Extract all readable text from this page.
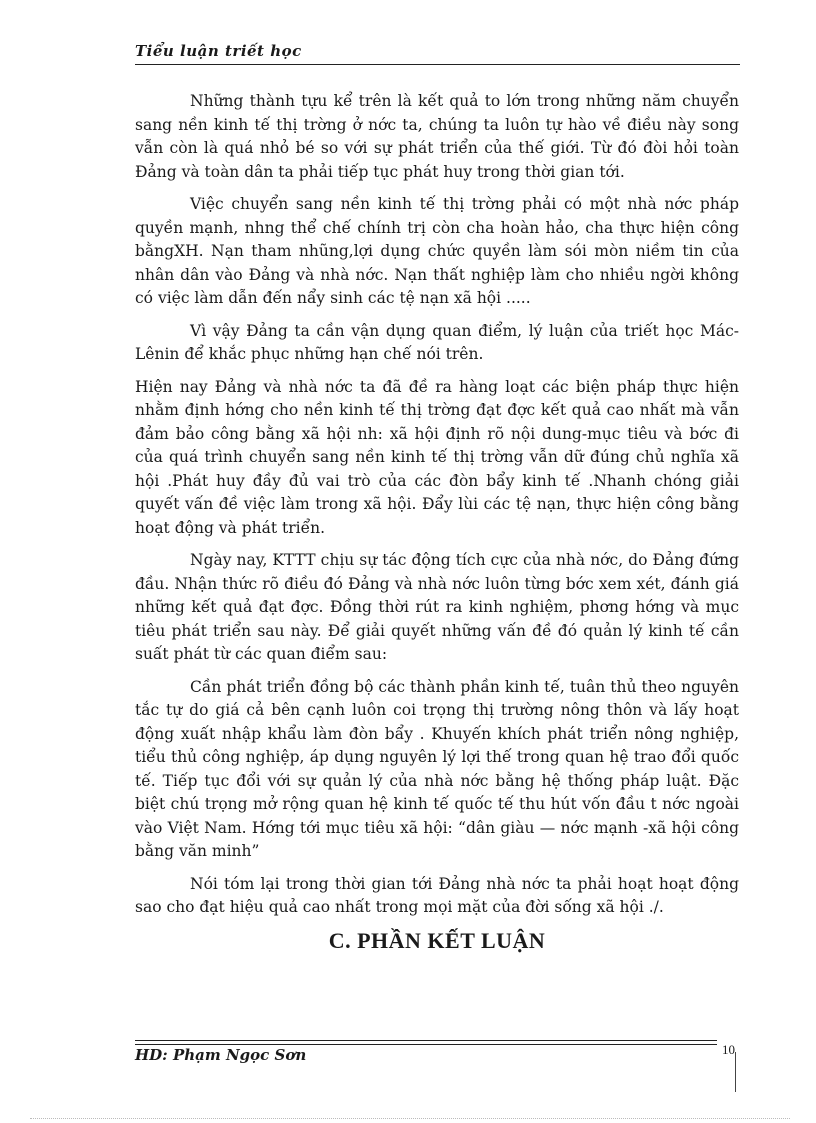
Tiểu luận triết học

Những thành tựu kể trên là kết quả to lớn trong những năm chuyển sang nền kinh tế thị trờng ở nớc ta, chúng ta luôn tự hào về điều này song vẫn còn là quá nhỏ bé so với sự phát triển của thế giới. Từ đó đòi hỏi toàn Đảng và toàn dân ta phải tiếp tục phát huy trong thời gian tới.

Việc chuyển sang nền kinh tế thị trờng phải có một nhà nớc pháp quyền mạnh, nhng thể chế chính trị còn cha hoàn hảo, cha thực hiện công bằngXH. Nạn tham nhũng,lợi dụng chức quyền làm sói mòn niềm tin của nhân dân vào Đảng và nhà nớc. Nạn thất nghiệp làm cho nhiều ngời không có việc làm dẫn đến nẩy sinh các tệ nạn xã hội .....

Vì vậy Đảng ta cần vận dụng quan điểm, lý luận của triết học Mác-Lênin để khắc phục những hạn chế nói trên.

Hiện nay Đảng và nhà nớc ta đã đề ra hàng loạt các biện pháp thực hiện nhằm định hớng cho nền kinh tế thị trờng đạt đợc kết quả cao nhất mà vẫn đảm bảo công bằng xã hội nh: xã hội định rõ nội dung-mục tiêu và bớc đi của quá trình chuyển sang nền kinh tế thị trờng vẫn dữ đúng chủ nghĩa xã hội .Phát huy đầy đủ vai trò của các đòn bẩy kinh tế .Nhanh chóng giải quyết vấn đề việc làm trong xã hội. Đẩy lùi các tệ nạn, thực hiện công bằng hoạt động và phát triển.

Ngày nay, KTTT chịu sự tác động tích cực của nhà nớc, do Đảng đứng đầu. Nhận thức rõ điều đó Đảng và nhà nớc luôn từng bớc xem xét, đánh giá những kết quả đạt đợc. Đồng thời rút ra kinh nghiệm, phơng hớng và mục tiêu phát triển sau này. Để giải quyết những vấn đề đó quản lý kinh tế cần suất phát từ các quan điểm sau:

Cần phát triển đồng bộ các thành phần kinh tế, tuân thủ theo nguyên tắc tự do giá cả bên cạnh luôn coi trọng thị trường nông thôn và lấy hoạt động xuất nhập khẩu làm đòn bẩy . Khuyến khích phát triển nông nghiệp, tiểu thủ công nghiệp, áp dụng nguyên lý lợi thế trong quan hệ trao đổi quốc tế. Tiếp tục đổi với sự quản lý của nhà nớc bằng hệ thống pháp luật. Đặc biệt chú trọng mở rộng quan hệ kinh tế quốc tế thu hút vốn đầu t nớc ngoài vào Việt Nam. Hớng tới mục tiêu xã hội: “dân giàu — nớc mạnh -xã hội công bằng văn minh”

Nói tóm lại trong thời gian tới Đảng nhà nớc ta phải hoạt hoạt động sao cho đạt hiệu quả cao nhất trong mọi mặt của đời sống xã hội ./.

C. PHẦN KẾT LUẬN
HD: Phạm Ngọc Sơn	10
